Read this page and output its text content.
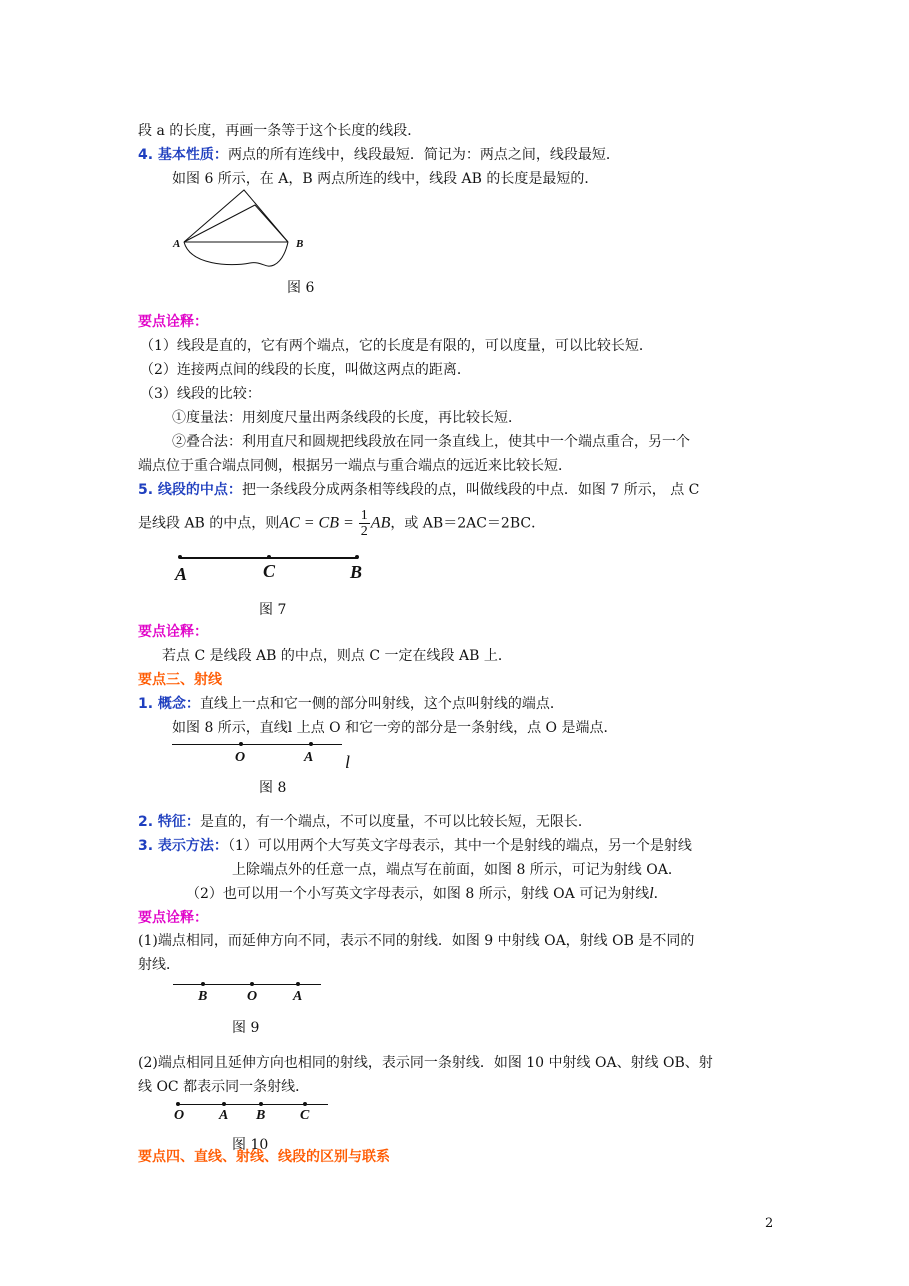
段 a 的长度，再画一条等于这个长度的线段．
4. 基本性质：两点的所有连线中，线段最短．简记为：两点之间，线段最短．
如图 6 所示，在 A，B 两点所连的线中，线段 AB 的长度是最短的．
A	B
图 6
要点诠释：
（1）线段是直的，它有两个端点，它的长度是有限的，可以度量，可以比较长短．
（2）连接两点间的线段的长度，叫做这两点的距离．
（3）线段的比较：
①度量法：用刻度尺量出两条线段的长度，再比较长短．
②叠合法：利用直尺和圆规把线段放在同一条直线上，使其中一个端点重合，另一个
端点位于重合端点同侧，根据另一端点与重合端点的远近来比较长短．
5. 线段的中点：把一条线段分成两条相等线段的点，叫做线段的中点．如图 7 所示， 点 C
是线段 AB 的中点，则AC = CB = $\frac{1}{2}$ AB，或 AB＝2AC＝2BC．
A	C	B
图 7
要点诠释：
若点 C 是线段 AB 的中点，则点 C 一定在线段 AB 上．
要点三、射线
1. 概念：直线上一点和它一侧的部分叫射线，这个点叫射线的端点．
如图 8 所示，直线l 上点 O 和它一旁的部分是一条射线，点 O 是端点．
O	A l
图 8
2. 特征：是直的，有一个端点，不可以度量，不可以比较长短，无限长．
3. 表示方法：（1）可以用两个大写英文字母表示，其中一个是射线的端点，另一个是射线
上除端点外的任意一点，端点写在前面，如图 8 所示，可记为射线 OA．
（2）也可以用一个小写英文字母表示，如图 8 所示，射线 OA 可记为射线l．
要点诠释：
(1)端点相同，而延伸方向不同，表示不同的射线．如图 9 中射线 OA，射线 OB 是不同的
射线．
B	O	A
图 9
(2)端点相同且延伸方向也相同的射线，表示同一条射线．如图 10 中射线 OA、射线 OB、射
线 OC 都表示同一条射线．
O A B C
图 10
要点四、直线、射线、线段的区别与联系
2
